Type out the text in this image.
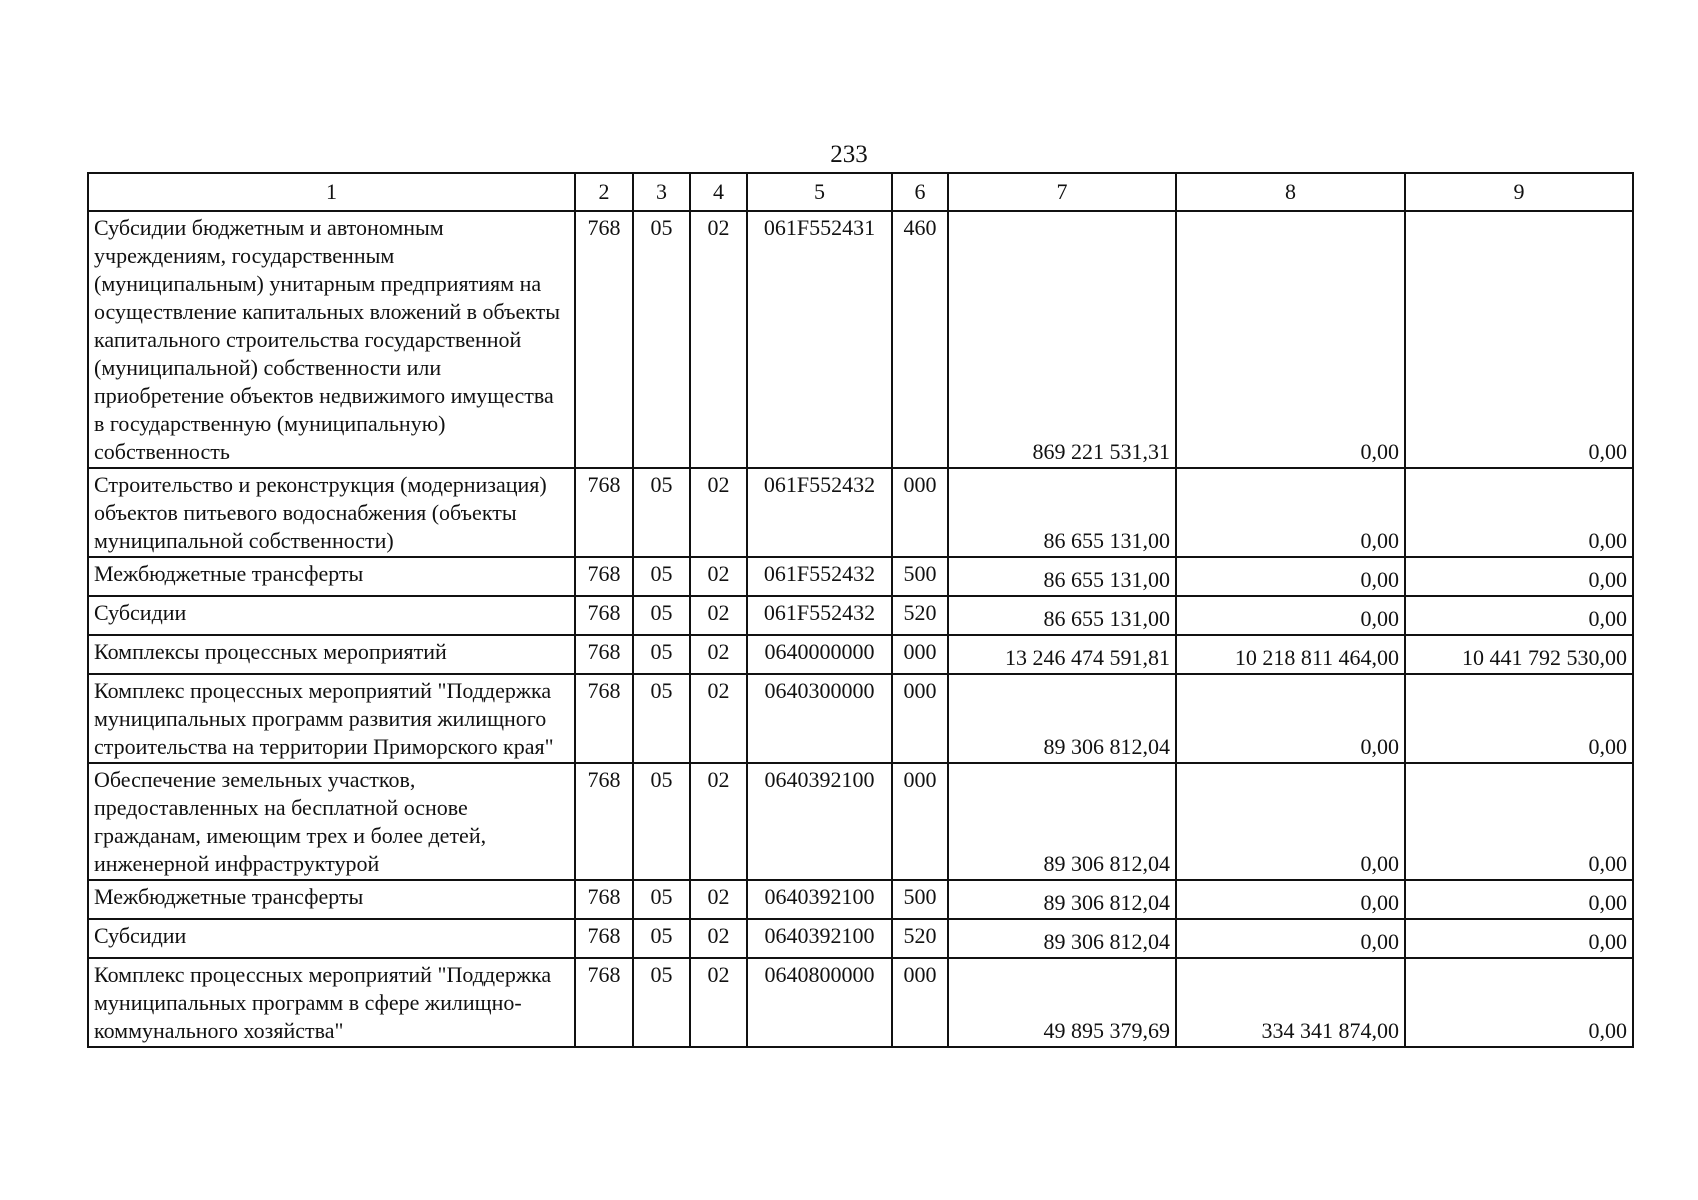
233
1	2	3	4	5	6	7	8	9
Субсидии бюджетным и автономным учреждениям, государственным (муниципальным) унитарным предприятиям на осуществление капитальных вложений в объекты капитального строительства государственной (муниципальной) собственности или приобретение объектов недвижимого имущества в государственную (муниципальную) собственность	768	05	02	061F552431	460	869 221 531,31	0,00	0,00
Строительство и реконструкция (модернизация) объектов питьевого водоснабжения (объекты муниципальной собственности)	768	05	02	061F552432	000	86 655 131,00	0,00	0,00
Межбюджетные трансферты	768	05	02	061F552432	500	86 655 131,00	0,00	0,00
Субсидии	768	05	02	061F552432	520	86 655 131,00	0,00	0,00
Комплексы процессных мероприятий	768	05	02	0640000000	000	13 246 474 591,81	10 218 811 464,00	10 441 792 530,00
Комплекс процессных мероприятий "Поддержка муниципальных программ развития жилищного строительства на территории Приморского края"	768	05	02	0640300000	000	89 306 812,04	0,00	0,00
Обеспечение земельных участков, предоставленных на бесплатной основе гражданам, имеющим трех и более детей, инженерной инфраструктурой	768	05	02	0640392100	000	89 306 812,04	0,00	0,00
Межбюджетные трансферты	768	05	02	0640392100	500	89 306 812,04	0,00	0,00
Субсидии	768	05	02	0640392100	520	89 306 812,04	0,00	0,00
Комплекс процессных мероприятий "Поддержка муниципальных программ в сфере жилищно-коммунального хозяйства"	768	05	02	0640800000	000	49 895 379,69	334 341 874,00	0,00
